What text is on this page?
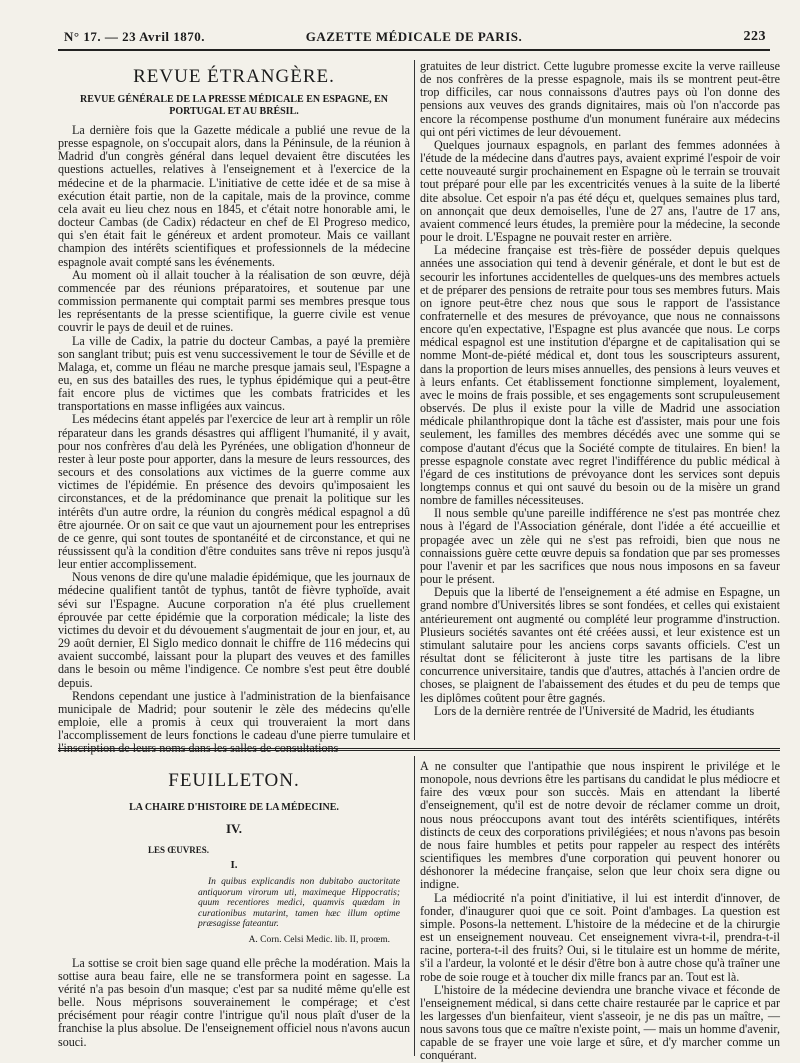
N° 17. — 23 Avril 1870.	GAZETTE MÉDICALE DE PARIS.	223
REVUE ÉTRANGÈRE.
REVUE GÉNÉRALE DE LA PRESSE MÉDICALE EN ESPAGNE, EN PORTUGAL ET AU BRÉSIL.

La dernière fois que la Gazette médicale a publié une revue de la presse espagnole, on s'occupait alors, dans la Péninsule, de la réunion à Madrid d'un congrès général dans lequel devaient être discutées les questions actuelles, relatives à l'enseignement et à l'exercice de la médecine et de la pharmacie. L'initiative de cette idée et de sa mise à exécution était partie, non de la capitale, mais de la province, comme cela avait eu lieu chez nous en 1845, et c'était notre honorable ami, le docteur Cambas (de Cadix) rédacteur en chef de El Progreso medico, qui s'en était fait le généreux et ardent promoteur. Mais ce vaillant champion des intérêts scientifiques et professionnels de la médecine espagnole avait compté sans les événements.

Au moment où il allait toucher à la réalisation de son œuvre, déjà commencée par des réunions préparatoires, et soutenue par une commission permanente qui comptait parmi ses membres presque tous les représentants de la presse scientifique, la guerre civile est venue couvrir le pays de deuil et de ruines.

La ville de Cadix, la patrie du docteur Cambas, a payé la première son sanglant tribut; puis est venu successivement le tour de Séville et de Malaga, et, comme un fléau ne marche presque jamais seul, l'Espagne a eu, en sus des batailles des rues, le typhus épidémique qui a peut-être fait encore plus de victimes que les combats fratricides et les transportations en masse infligées aux vaincus.

Les médecins étant appelés par l'exercice de leur art à remplir un rôle réparateur dans les grands désastres qui affligent l'humanité, il y avait, pour nos confrères d'au delà les Pyrénées, une obligation d'honneur de rester à leur poste pour apporter, dans la mesure de leurs ressources, des secours et des consolations aux victimes de la guerre comme aux victimes de l'épidémie. En présence des devoirs qu'imposaient les circonstances, et de la prédominance que prenait la politique sur les intérêts d'un autre ordre, la réunion du congrès médical espagnol a dû être ajournée. Or on sait ce que vaut un ajournement pour les entreprises de ce genre, qui sont toutes de spontanéité et de circonstance, et qui ne réussissent qu'à la condition d'être conduites sans trêve ni repos jusqu'à leur entier accomplissement.

Nous venons de dire qu'une maladie épidémique, que les journaux de médecine qualifient tantôt de typhus, tantôt de fièvre typhoïde, avait sévi sur l'Espagne. Aucune corporation n'a été plus cruellement éprouvée par cette épidémie que la corporation médicale; la liste des victimes du devoir et du dévouement s'augmentait de jour en jour, et, au 29 août dernier, El Siglo medico donnait le chiffre de 116 médecins qui avaient succombé, laissant pour la plupart des veuves et des familles dans le besoin ou même l'indigence. Ce nombre s'est peut être doublé depuis.

Rendons cependant une justice à l'administration de la bienfaisance municipale de Madrid; pour soutenir le zèle des médecins qu'elle emploie, elle a promis à ceux qui trouveraient la mort dans l'accomplissement de leurs fonctions le cadeau d'une pierre tumulaire et l'inscription de leurs noms dans les salles de consultations

gratuites de leur district. Cette lugubre promesse excite la verve railleuse de nos confrères de la presse espagnole, mais ils se montrent peut-être trop difficiles, car nous connaissons d'autres pays où l'on donne des pensions aux veuves des grands dignitaires, mais où l'on n'accorde pas encore la récompense posthume d'un monument funéraire aux médecins qui ont péri victimes de leur dévouement.

Quelques journaux espagnols, en parlant des femmes adonnées à l'étude de la médecine dans d'autres pays, avaient exprimé l'espoir de voir cette nouveauté surgir prochainement en Espagne où le terrain se trouvait tout préparé pour elle par les excentricités venues à la suite de la liberté dite absolue. Cet espoir n'a pas été déçu et, quelques semaines plus tard, on annonçait que deux demoiselles, l'une de 27 ans, l'autre de 17 ans, avaient commencé leurs études, la première pour la médecine, la seconde pour le droit. L'Espagne ne pouvait rester en arrière.

La médecine française est très-fière de posséder depuis quelques années une association qui tend à devenir générale, et dont le but est de secourir les infortunes accidentelles de quelques-uns des membres actuels et de préparer des pensions de retraite pour tous ses membres futurs. Mais on ignore peut-être chez nous que sous le rapport de l'assistance confraternelle et des mesures de prévoyance, que nous ne connaissons encore qu'en expectative, l'Espagne est plus avancée que nous. Le corps médical espagnol est une institution d'épargne et de capitalisation qui se nomme Mont-de-piété médical et, dont tous les souscripteurs assurent, dans la proportion de leurs mises annuelles, des pensions à leurs veuves et à leurs enfants. Cet établissement fonctionne simplement, loyalement, avec le moins de frais possible, et ses engagements sont scrupuleusement observés. De plus il existe pour la ville de Madrid une association médicale philanthropique dont la tâche est d'assister, mais pour une fois seulement, les familles des membres décédés avec une somme qui se compose d'autant d'écus que la Société compte de titulaires. En bien! la presse espagnole constate avec regret l'indifférence du public médical à l'égard de ces institutions de prévoyance dont les services sont depuis longtemps connus et qui ont sauvé du besoin ou de la misère un grand nombre de familles nécessiteuses.

Il nous semble qu'une pareille indifférence ne s'est pas montrée chez nous à l'égard de l'Association générale, dont l'idée a été accueillie et propagée avec un zèle qui ne s'est pas refroidi, bien que nous ne connaissions guère cette œuvre depuis sa fondation que par ses promesses pour l'avenir et par les sacrifices que nous nous imposons en sa faveur pour le présent.

Depuis que la liberté de l'enseignement a été admise en Espagne, un grand nombre d'Universités libres se sont fondées, et celles qui existaient antérieurement ont augmenté ou complété leur programme d'instruction. Plusieurs sociétés savantes ont été créées aussi, et leur existence est un stimulant salutaire pour les anciens corps savants officiels. C'est un résultat dont se féliciteront à juste titre les partisans de la libre concurrence universitaire, tandis que d'autres, attachés à l'ancien ordre de choses, se plaignent de l'abaissement des études et du peu de temps que les diplômes coûtent pour être gagnés.

Lors de la dernière rentrée de l'Université de Madrid, les étudiants

FEUILLETON.
LA CHAIRE D'HISTOIRE DE LA MÉDECINE.
IV.
LES ŒUVRES.
I.

In quibus explicandis non dubitabo auctoritate antiquorum virorum uti, maximeque Hippocratis; quum recentiores medici, quamvis quædam in curationibus mutarint, tamen hæc illum optime præsagisse fateantur.

A. Corn. Celsi Medic. lib. II, proœm.

La sottise se croit bien sage quand elle prêche la modération. Mais la sottise aura beau faire, elle ne se transformera point en sagesse. La vérité n'a pas besoin d'un masque; c'est par sa nudité même qu'elle est belle. Nous méprisons souverainement le compérage; et c'est précisément pour réagir contre l'intrigue qu'il nous plaît d'user de la franchise la plus absolue. De l'enseignement officiel nous n'avons aucun souci.

A ne consulter que l'antipathie que nous inspirent le privilége et le monopole, nous devrions être les partisans du candidat le plus médiocre et faire des vœux pour son succès. Mais en attendant la liberté d'enseignement, qu'il est de notre devoir de réclamer comme un droit, nous nous préoccupons avant tout des intérêts scientifiques, intérêts distincts de ceux des corporations privilégiées; et nous n'avons pas besoin de nous faire humbles et petits pour rappeler au respect des intérêts scientifiques les membres d'une corporation qui peuvent honorer ou déshonorer la médecine française, selon que leur choix sera digne ou indigne.

La médiocrité n'a point d'initiative, il lui est interdit d'innover, de fonder, d'inaugurer quoi que ce soit. Point d'ambages. La question est simple. Posons-la nettement. L'histoire de la médecine et de la chirurgie est un enseignement nouveau. Cet enseignement vivra-t-il, prendra-t-il racine, portera-t-il des fruits? Oui, si le titulaire est un homme de mérite, s'il a l'ardeur, la volonté et le désir d'être bon à autre chose qu'à traîner une robe de soie rouge et à toucher dix mille francs par an. Tout est là.

L'histoire de la médecine deviendra une branche vivace et féconde de l'enseignement médical, si dans cette chaire restaurée par le caprice et par les largesses d'un bienfaiteur, vient s'asseoir, je ne dis pas un maître, — nous savons tous que ce maître n'existe point, — mais un homme d'avenir, capable de se frayer une voie large et sûre, et d'y marcher comme un conquérant.
